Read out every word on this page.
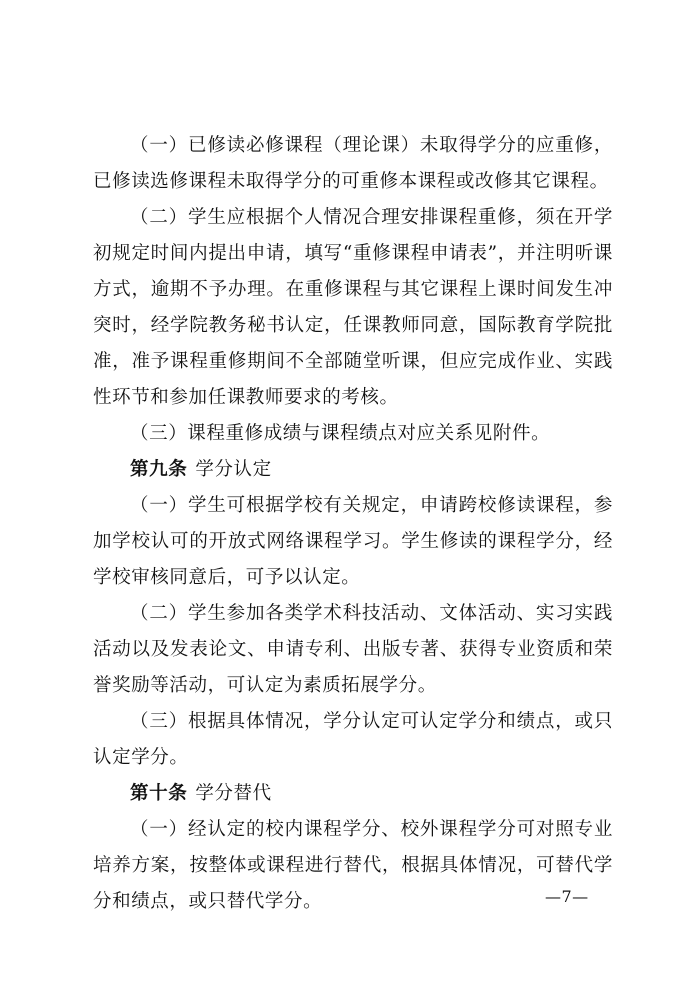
（一）已修读必修课程（理论课）未取得学分的应重修，已修读选修课程未取得学分的可重修本课程或改修其它课程。

（二）学生应根据个人情况合理安排课程重修，须在开学初规定时间内提出申请，填写“重修课程申请表”，并注明听课方式，逾期不予办理。在重修课程与其它课程上课时间发生冲突时，经学院教务秘书认定，任课教师同意，国际教育学院批准，准予课程重修期间不全部随堂听课，但应完成作业、实践性环节和参加任课教师要求的考核。

（三）课程重修成绩与课程绩点对应关系见附件。

第九条 学分认定

（一）学生可根据学校有关规定，申请跨校修读课程，参加学校认可的开放式网络课程学习。学生修读的课程学分，经学校审核同意后，可予以认定。

（二）学生参加各类学术科技活动、文体活动、实习实践活动以及发表论文、申请专利、出版专著、获得专业资质和荣誉奖励等活动，可认定为素质拓展学分。

（三）根据具体情况，学分认定可认定学分和绩点，或只认定学分。

第十条 学分替代

（一）经认定的校内课程学分、校外课程学分可对照专业培养方案，按整体或课程进行替代，根据具体情况，可替代学分和绩点，或只替代学分。	—7—
